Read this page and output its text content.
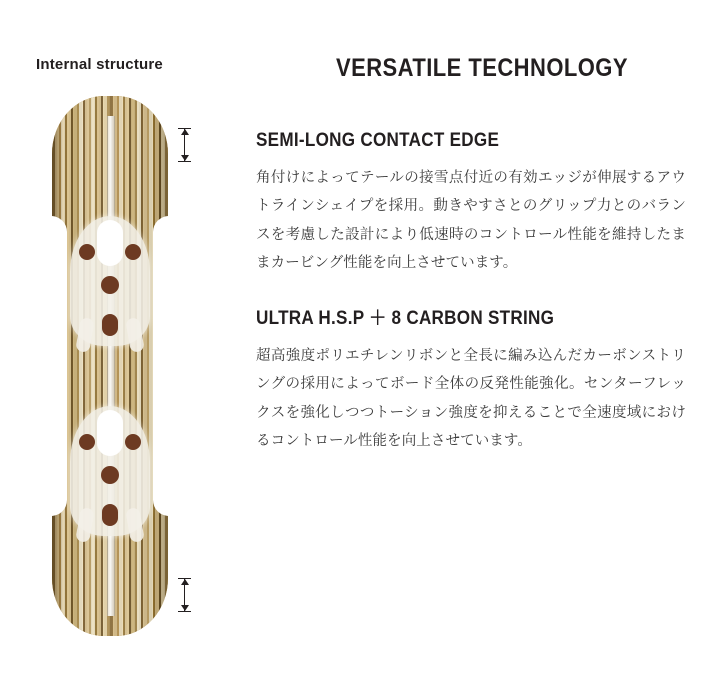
Internal structure	VERSATILE TECHNOLOGY
SEMI-LONG CONTACT EDGE
角付けによってテールの接雪点付近の有効エッジが伸展するアウトラインシェイプを採用。動きやすさとのグリップ力とのバランスを考慮した設計により低速時のコントロール性能を維持したままカービング性能を向上させています。
ULTRA H.S.P ＋ 8 CARBON STRING
超高強度ポリエチレンリボンと全長に編み込んだカーボンストリングの採用によってボード全体の反発性能強化。センターフレックスを強化しつつトーション強度を抑えることで全速度域におけるコントロール性能を向上させています。
